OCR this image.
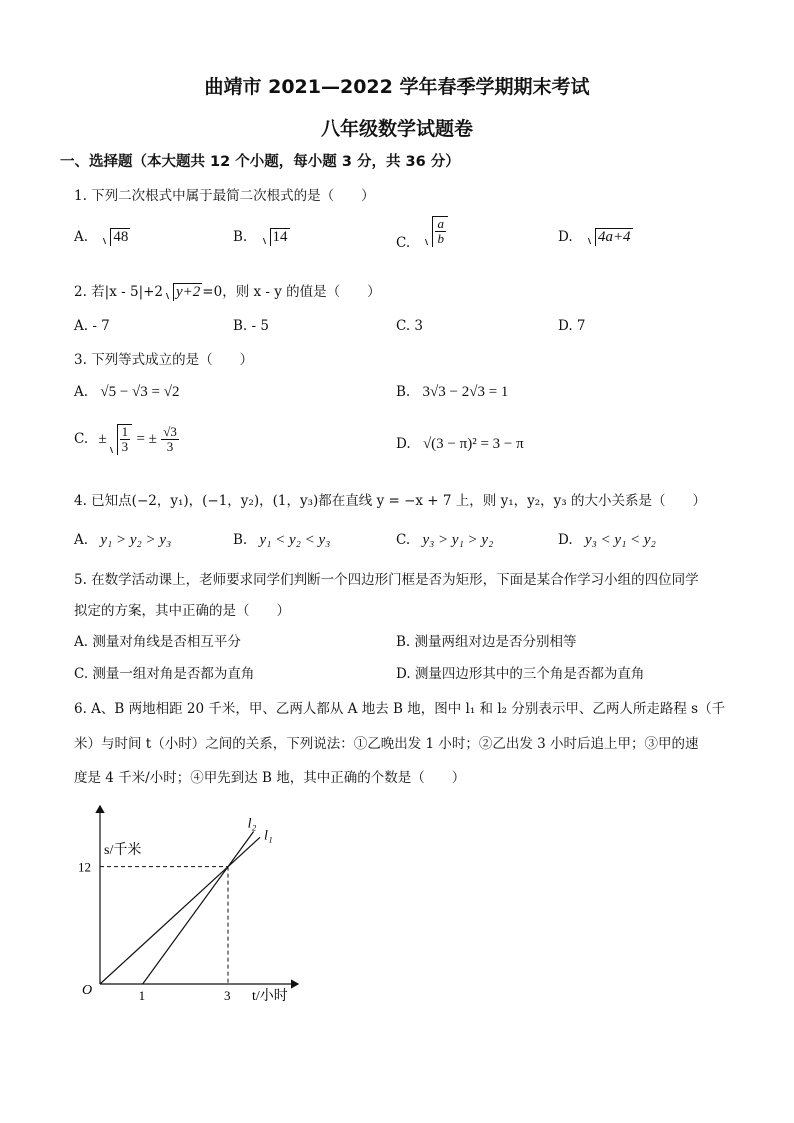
曲靖市 2021—2022 学年春季学期期末考试
八年级数学试题卷
一、选择题（本大题共 12 个小题，每小题 3 分，共 36 分）
1. 下列二次根式中属于最简二次根式的是（　　）
A. 48	B. 14	C. $\frac{a}{b}$	D. 4a+4
2. 若|x - 5|+2 y+2 =0，则 x - y 的值是（　　）
A. - 7	B. - 5	C. 3	D. 7
3. 下列等式成立的是（　　）
A. √5 − √3 = √2	B. 3√3 − 2√3 = 1
C. ± $\frac{1}{3}$ = ± $\frac{√3}{3}$	D. √(3 − π)² = 3 − π
4. 已知点(−2，y₁)，(−1，y₂)，(1，y₃)都在直线 y = −x + 7 上，则 y₁，y₂，y₃ 的大小关系是（　　）
A. y₁ > y₂ > y₃	B. y₁ < y₂ < y₃	C. y₃ > y₁ > y₂	D. y₃ < y₁ < y₂
5. 在数学活动课上，老师要求同学们判断一个四边形门框是否为矩形，下面是某合作学习小组的四位同学
拟定的方案，其中正确的是（　　）
A. 测量对角线是否相互平分	B. 测量两组对边是否分别相等
C. 测量一组对角是否都为直角	D. 测量四边形其中的三个角是否都为直角
6. A、B 两地相距 20 千米，甲、乙两人都从 A 地去 B 地，图中 l₁ 和 l₂ 分别表示甲、乙两人所走路程 s（千
米）与时间 t（小时）之间的关系，下列说法：①乙晚出发 1 小时；②乙出发 3 小时后追上甲；③甲的速
度是 4 千米/小时；④甲先到达 B 地，其中正确的个数是（　　）
l₁
l₂
1	3
12
O
s/千米
t/小时
